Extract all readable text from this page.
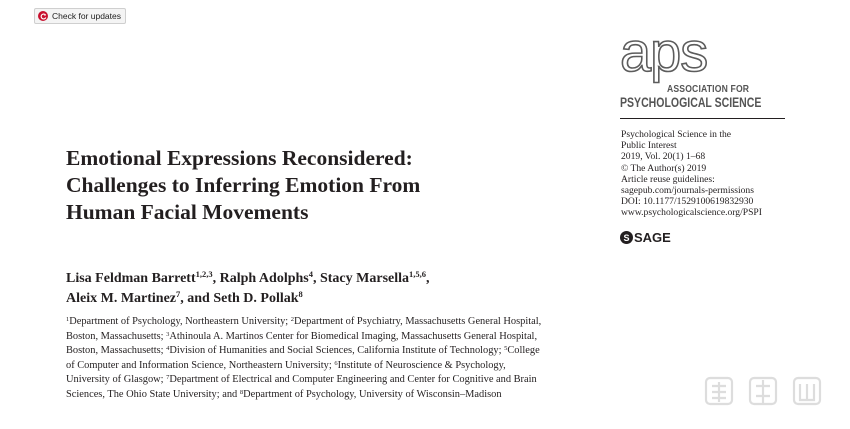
Check for updates
aps
ASSOCIATION FOR
PSYCHOLOGICAL SCIENCE
Psychological Science in the
Public Interest
2019, Vol. 20(1) 1–68
© The Author(s) 2019
Article reuse guidelines:
sagepub.com/journals-permissions
DOI: 10.1177/1529100619832930
www.psychologicalscience.org/PSPI
S SAGE
Emotional Expressions Reconsidered:
Challenges to Inferring Emotion From
Human Facial Movements
Lisa Feldman Barrett$^{1,2,3}$, Ralph Adolphs$^4$, Stacy Marsella$^{1,5,6}$,
Aleix M. Martinez$^7$, and Seth D. Pollak$^8$
$^1$Department of Psychology, Northeastern University; $^2$Department of Psychiatry, Massachusetts General Hospital,
Boston, Massachusetts; $^3$Athinoula A. Martinos Center for Biomedical Imaging, Massachusetts General Hospital,
Boston, Massachusetts; $^4$Division of Humanities and Social Sciences, California Institute of Technology; $^5$College
of Computer and Information Science, Northeastern University; $^6$Institute of Neuroscience & Psychology,
University of Glasgow; $^7$Department of Electrical and Computer Engineering and Center for Cognitive and Brain
Sciences, The Ohio State University; and $^8$Department of Psychology, University of Wisconsin–Madison
